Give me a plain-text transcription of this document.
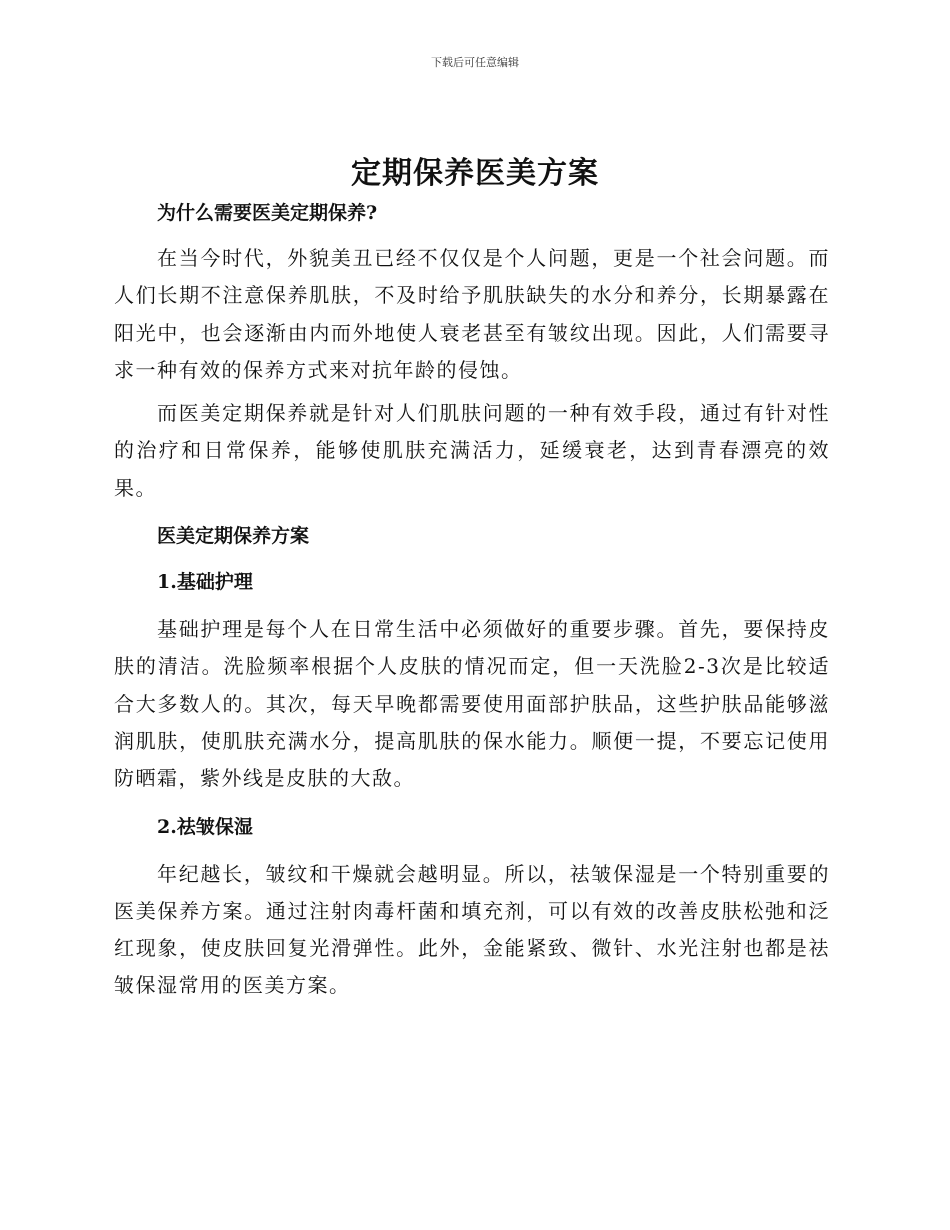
下载后可任意编辑
定期保养医美方案

为什么需要医美定期保养?

在当今时代，外貌美丑已经不仅仅是个人问题，更是一个社会问题。而人们长期不注意保养肌肤，不及时给予肌肤缺失的水分和养分，长期暴露在阳光中，也会逐渐由内而外地使人衰老甚至有皱纹出现。因此，人们需要寻求一种有效的保养方式来对抗年龄的侵蚀。

而医美定期保养就是针对人们肌肤问题的一种有效手段，通过有针对性的治疗和日常保养，能够使肌肤充满活力，延缓衰老，达到青春漂亮的效果。

医美定期保养方案

1.基础护理

基础护理是每个人在日常生活中必须做好的重要步骤。首先，要保持皮肤的清洁。洗脸频率根据个人皮肤的情况而定，但一天洗脸2-3次是比较适合大多数人的。其次，每天早晚都需要使用面部护肤品，这些护肤品能够滋润肌肤，使肌肤充满水分，提高肌肤的保水能力。顺便一提，不要忘记使用防晒霜，紫外线是皮肤的大敌。

2.祛皱保湿

年纪越长，皱纹和干燥就会越明显。所以，祛皱保湿是一个特别重要的医美保养方案。通过注射肉毒杆菌和填充剂，可以有效的改善皮肤松弛和泛红现象，使皮肤回复光滑弹性。此外，金能紧致、微针、水光注射也都是祛皱保湿常用的医美方案。
